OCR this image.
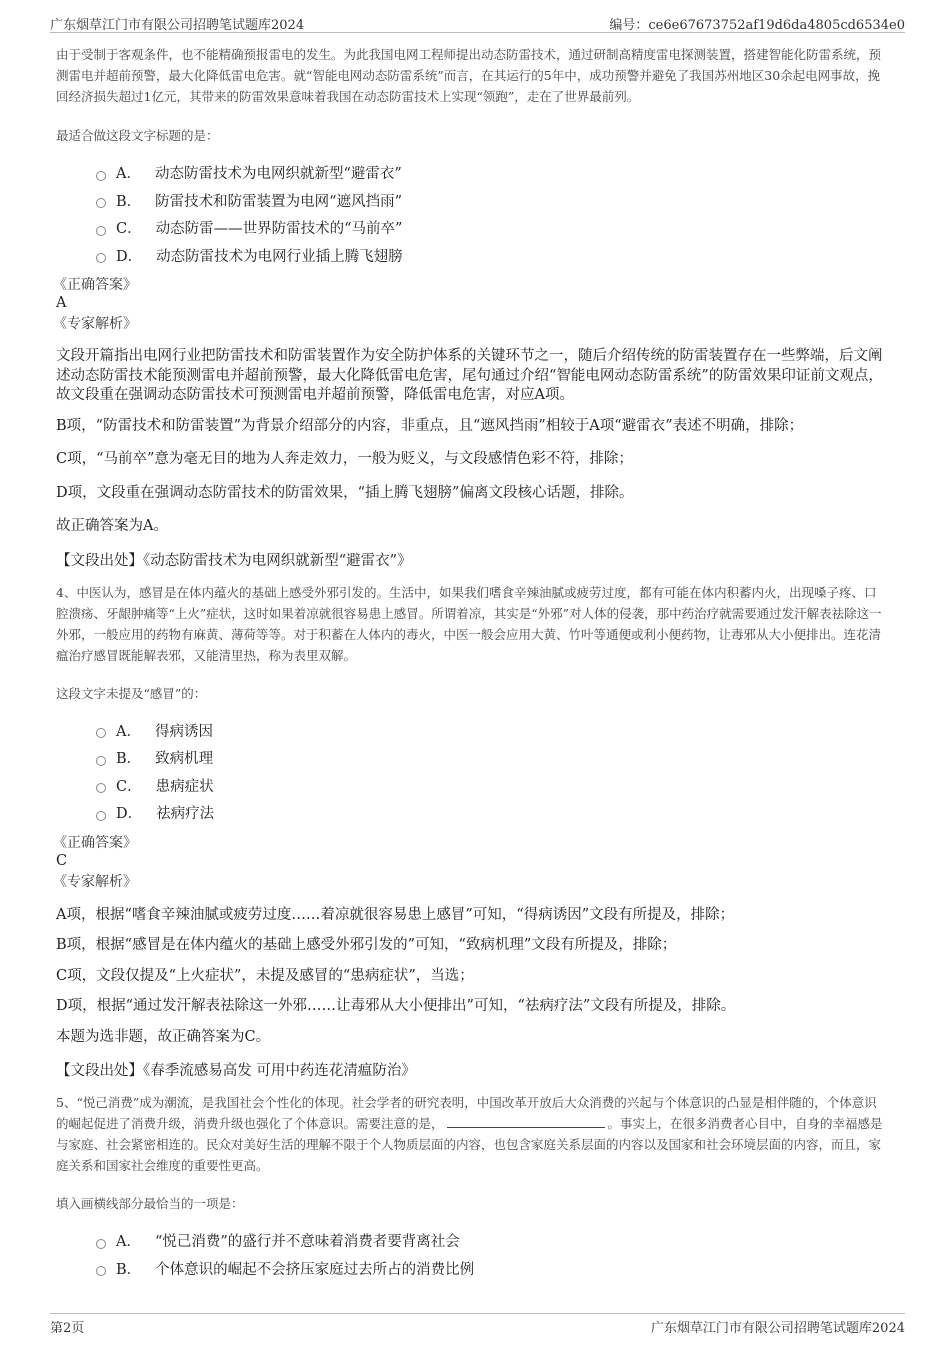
广东烟草江门市有限公司招聘笔试题库2024	编号：ce6e67673752af19d6da4805cd6534e0

由于受制于客观条件，也不能精确预报雷电的发生。为此我国电网工程师提出动态防雷技术，通过研制高精度雷电探测装置，搭建智能化防雷系统，预测雷电并超前预警，最大化降低雷电危害。就“智能电网动态防雷系统”而言，在其运行的5年中，成功预警并避免了我国苏州地区30余起电网事故，挽回经济损失超过1亿元，其带来的防雷效果意味着我国在动态防雷技术上实现“领跑”，走在了世界最前列。

最适合做这段文字标题的是：

A． 动态防雷技术为电网织就新型“避雷衣”
B． 防雷技术和防雷装置为电网“遮风挡雨”
C． 动态防雷——世界防雷技术的“马前卒”
D． 动态防雷技术为电网行业插上腾飞翅膀

《正确答案》

A

《专家解析》

文段开篇指出电网行业把防雷技术和防雷装置作为安全防护体系的关键环节之一，随后介绍传统的防雷装置存在一些弊端，后文阐述动态防雷技术能预测雷电并超前预警，最大化降低雷电危害，尾句通过介绍“智能电网动态防雷系统”的防雷效果印证前文观点，故文段重在强调动态防雷技术可预测雷电并超前预警，降低雷电危害，对应A项。

B项，“防雷技术和防雷装置”为背景介绍部分的内容，非重点，且“遮风挡雨”相较于A项“避雷衣”表述不明确，排除；

C项，“马前卒”意为毫无目的地为人奔走效力，一般为贬义，与文段感情色彩不符，排除；

D项，文段重在强调动态防雷技术的防雷效果，“插上腾飞翅膀”偏离文段核心话题，排除。

故正确答案为A。

【文段出处】《动态防雷技术为电网织就新型“避雷衣”》

4、中医认为，感冒是在体内蕴火的基础上感受外邪引发的。生活中，如果我们嗜食辛辣油腻或疲劳过度，都有可能在体内积蓄内火，出现嗓子疼、口腔溃疡、牙龈肿痛等“上火”症状，这时如果着凉就很容易患上感冒。所谓着凉，其实是“外邪”对人体的侵袭，那中药治疗就需要通过发汗解表祛除这一外邪，一般应用的药物有麻黄、薄荷等等。对于积蓄在人体内的毒火，中医一般会应用大黄、竹叶等通便或利小便药物，让毒邪从大小便排出。连花清瘟治疗感冒既能解表邪，又能清里热，称为表里双解。

这段文字未提及“感冒”的：

A． 得病诱因
B． 致病机理
C． 患病症状
D． 祛病疗法

《正确答案》

C

《专家解析》

A项，根据“嗜食辛辣油腻或疲劳过度……着凉就很容易患上感冒”可知，“得病诱因”文段有所提及，排除；

B项，根据“感冒是在体内蕴火的基础上感受外邪引发的”可知，“致病机理”文段有所提及，排除；

C项，文段仅提及“上火症状”，未提及感冒的“患病症状”，当选；

D项，根据“通过发汗解表祛除这一外邪……让毒邪从大小便排出”可知，“祛病疗法”文段有所提及，排除。

本题为选非题，故正确答案为C。

【文段出处】《春季流感易高发 可用中药连花清瘟防治》

5、“悦己消费”成为潮流，是我国社会个性化的体现。社会学者的研究表明，中国改革开放后大众消费的兴起与个体意识的凸显是相伴随的，个体意识的崛起促进了消费升级，消费升级也强化了个体意识。需要注意的是，	。事实上，在很多消费者心目中，自身的幸福感是与家庭、社会紧密相连的。民众对美好生活的理解不限于个人物质层面的内容，也包含家庭关系层面的内容以及国家和社会环境层面的内容，而且，家庭关系和国家社会维度的重要性更高。

填入画横线部分最恰当的一项是：

A． “悦己消费”的盛行并不意味着消费者要背离社会
B． 个体意识的崛起不会挤压家庭过去所占的消费比例
第2页	广东烟草江门市有限公司招聘笔试题库2024
